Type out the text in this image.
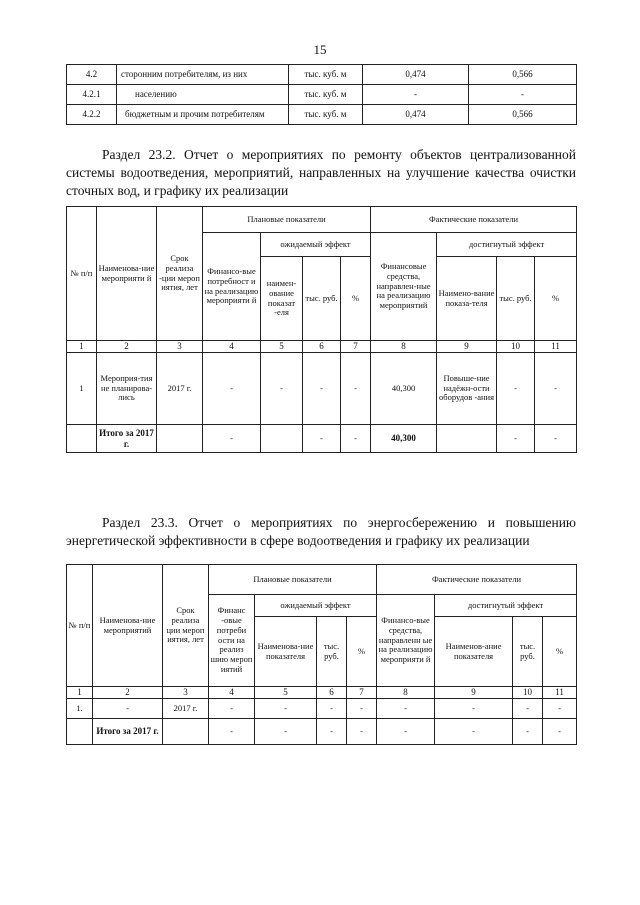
15
4.2	сторонним потребителям, из них	тыс. куб. м	0,474	0,566
4.2.1	населению	тыс. куб. м	-	-
4.2.2	бюджетным и прочим потребителям	тыс. куб. м	0,474	0,566

Раздел 23.2. Отчет о мероприятиях по ремонту объектов централизованной системы водоотведения, мероприятий, направленных на улучшение качества очистки сточных вод, и графику их реализации

№ п/п	Наименова-ние мероприяти й	Срок реализа -ции мероп иятия, лет	Плановые показатели				Фактические показатели			
			Финансо-вые потребност и на реализацию мероприяти й	ожидаемый эффект			Финансовые средства, направлен-ные на реализацию мероприятий	достигнутый эффект		
				наимен-ование показат -еля	тыс. руб.	%		Наимено-вание показа-теля	тыс. руб.	%
1	2	3	4	5	6	7	8	9	10	11
1	Мероприя-тия не планирова-лись	2017 г.	-	-	-	-	40,300	Повыше-ние надёжн-ости оборудов -ания	-	-
	Итого за 2017 г.		-		-	-	40,300		-	-

Раздел 23.3. Отчет о мероприятиях по энергосбережению и повышению энергетической эффективности в сфере водоотведения и графику их реализации

№ п/п	Наименова-ние мероприятий	Срок реализа ции мероп иятия, лет	Плановые показатели				Фактические показатели			
			Финанс -овые потреби ости на реализ шию мероп иятий	ожидаемый эффект			Финансо-вые средства, направленн ые на реализацию мероприяти й	достигнутый эффект		
				Наименова-ние показателя	тыс. руб.	%		Наименов-ание показателя	тыс. руб.	%
1	2	3	4	5	6	7	8	9	10	11
1.	-	2017 г.	-	-	-	-	-	-	-	-
	Итого за 2017 г.		-	-	-	-	-	-	-	-
